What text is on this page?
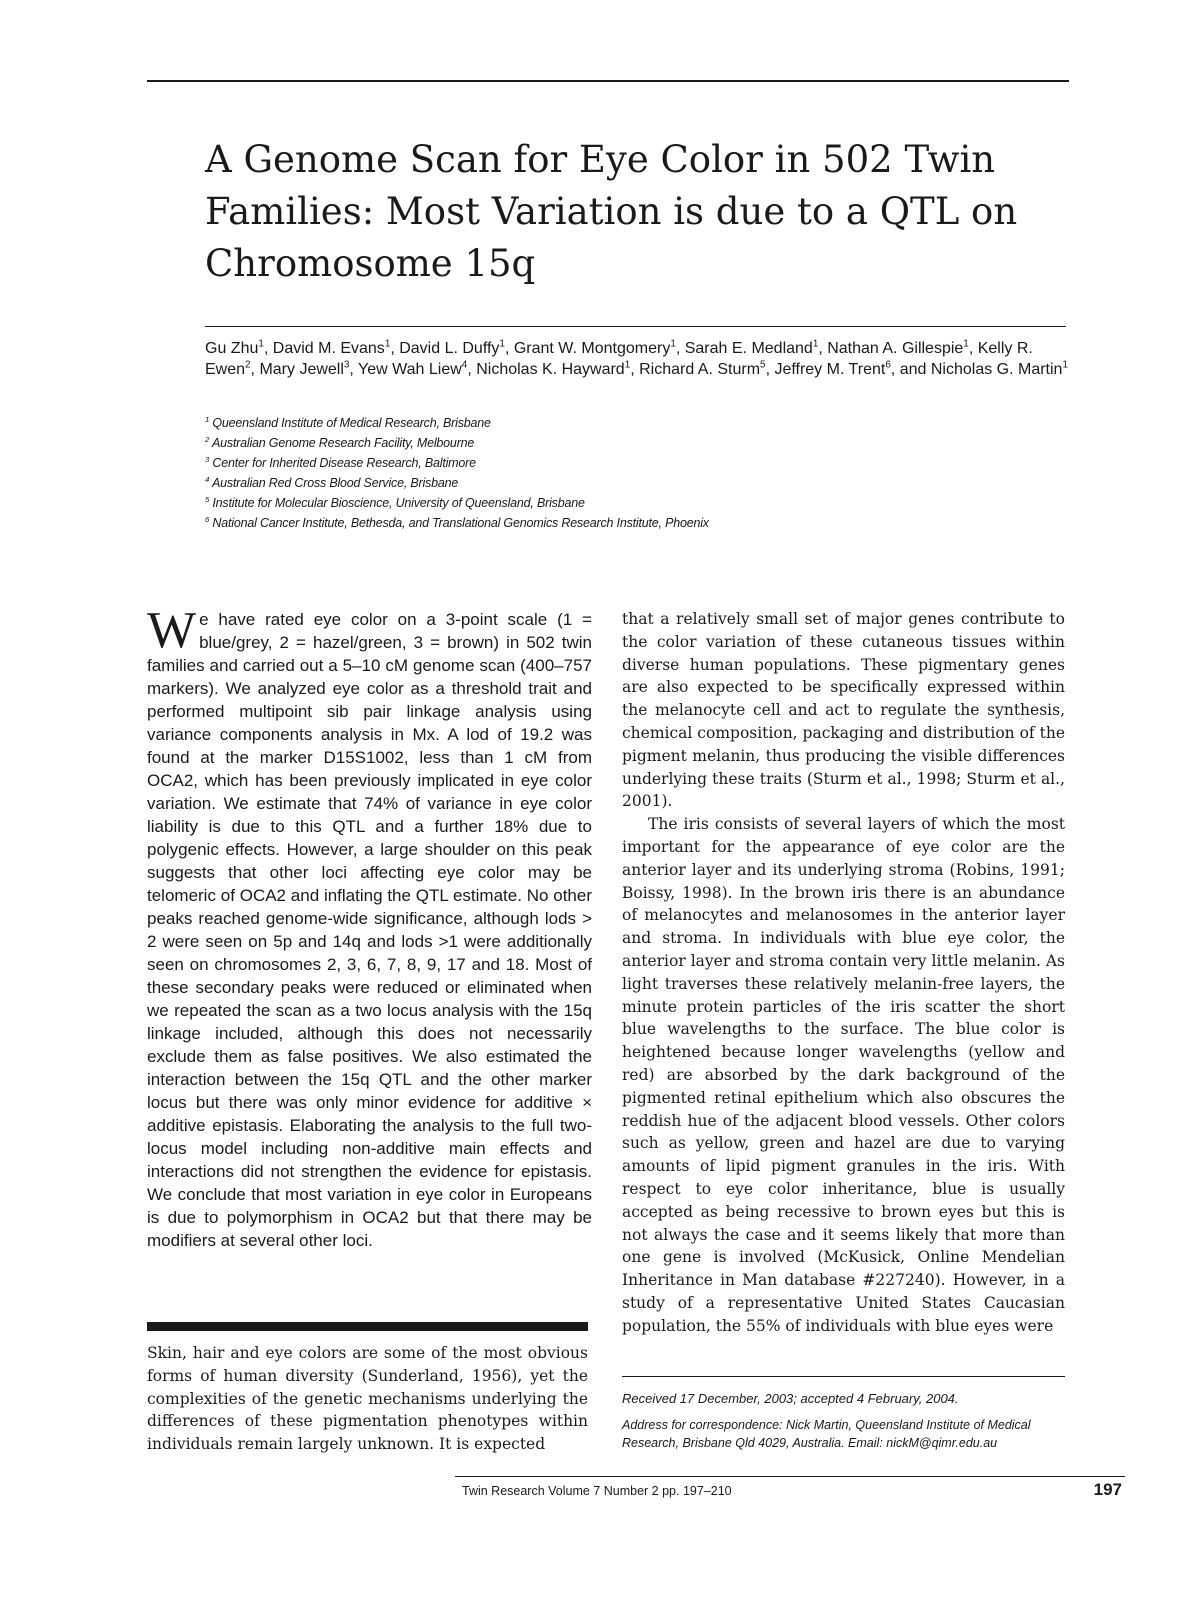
A Genome Scan for Eye Color in 502 Twin Families: Most Variation is due to a QTL on Chromosome 15q
Gu Zhu$^1$, David M. Evans$^1$, David L. Duffy$^1$, Grant W. Montgomery$^1$, Sarah E. Medland$^1$, Nathan A. Gillespie$^1$, Kelly R. Ewen$^2$, Mary Jewell$^3$, Yew Wah Liew$^4$, Nicholas K. Hayward$^1$, Richard A. Sturm$^5$, Jeffrey M. Trent$^6$, and Nicholas G. Martin$^1$
$^1$ Queensland Institute of Medical Research, Brisbane
$^2$ Australian Genome Research Facility, Melbourne
$^3$ Center for Inherited Disease Research, Baltimore
$^4$ Australian Red Cross Blood Service, Brisbane
$^5$ Institute for Molecular Bioscience, University of Queensland, Brisbane
$^6$ National Cancer Institute, Bethesda, and Translational Genomics Research Institute, Phoenix

We have rated eye color on a 3-point scale (1 = blue/grey, 2 = hazel/green, 3 = brown) in 502 twin families and carried out a 5–10 cM genome scan (400–757 markers). We analyzed eye color as a threshold trait and performed multipoint sib pair linkage analysis using variance components analysis in Mx. A lod of 19.2 was found at the marker D15S1002, less than 1 cM from OCA2, which has been previously implicated in eye color variation. We estimate that 74% of variance in eye color liability is due to this QTL and a further 18% due to polygenic effects. However, a large shoulder on this peak suggests that other loci affecting eye color may be telomeric of OCA2 and inflating the QTL estimate. No other peaks reached genome-wide significance, although lods > 2 were seen on 5p and 14q and lods >1 were additionally seen on chromosomes 2, 3, 6, 7, 8, 9, 17 and 18. Most of these secondary peaks were reduced or eliminated when we repeated the scan as a two locus analysis with the 15q linkage included, although this does not necessarily exclude them as false positives. We also estimated the interaction between the 15q QTL and the other marker locus but there was only minor evidence for additive × additive epistasis. Elaborating the analysis to the full two-locus model including non-additive main effects and interactions did not strengthen the evidence for epistasis. We conclude that most variation in eye color in Europeans is due to polymorphism in OCA2 but that there may be modifiers at several other loci.

Skin, hair and eye colors are some of the most obvious forms of human diversity (Sunderland, 1956), yet the complexities of the genetic mechanisms underlying the differences of these pigmentation phenotypes within individuals remain largely unknown. It is expected

that a relatively small set of major genes contribute to the color variation of these cutaneous tissues within diverse human populations. These pigmentary genes are also expected to be specifically expressed within the melanocyte cell and act to regulate the synthesis, chemical composition, packaging and distribution of the pigment melanin, thus producing the visible differences underlying these traits (Sturm et al., 1998; Sturm et al., 2001).

The iris consists of several layers of which the most important for the appearance of eye color are the anterior layer and its underlying stroma (Robins, 1991; Boissy, 1998). In the brown iris there is an abundance of melanocytes and melanosomes in the anterior layer and stroma. In individuals with blue eye color, the anterior layer and stroma contain very little melanin. As light traverses these relatively melanin-free layers, the minute protein particles of the iris scatter the short blue wavelengths to the surface. The blue color is heightened because longer wavelengths (yellow and red) are absorbed by the dark background of the pigmented retinal epithelium which also obscures the reddish hue of the adjacent blood vessels. Other colors such as yellow, green and hazel are due to varying amounts of lipid pigment granules in the iris. With respect to eye color inheritance, blue is usually accepted as being recessive to brown eyes but this is not always the case and it seems likely that more than one gene is involved (McKusick, Online Mendelian Inheritance in Man database #227240). However, in a study of a representative United States Caucasian population, the 55% of individuals with blue eyes were

Received 17 December, 2003; accepted 4 February, 2004.
Address for correspondence: Nick Martin, Queensland Institute of Medical Research, Brisbane Qld 4029, Australia. Email: nickM@qimr.edu.au
Twin Research Volume 7 Number 2 pp. 197–210	197
